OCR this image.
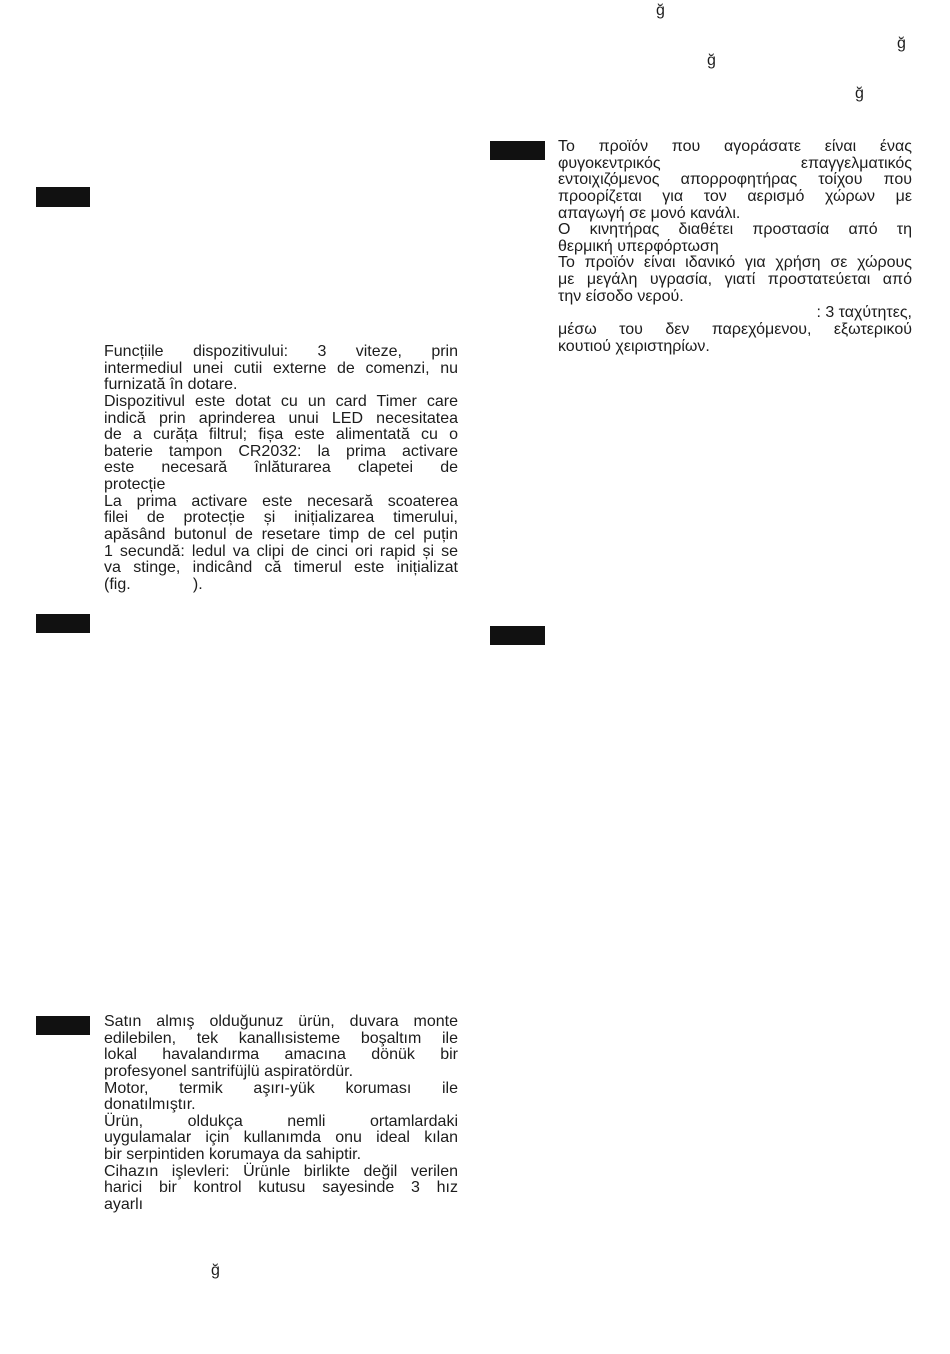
ğ
ğ
ğ
ğ
Funcțiile dispozitivului: 3 viteze, prin
intermediul unei cutii externe de comenzi, nu
furnizată în dotare.
Dispozitivul este dotat cu un card Timer care
indică prin aprinderea unui LED necesitatea
de a curăța filtrul; fișa este alimentată cu o
baterie tampon CR2032: la prima activare
este necesară înlăturarea clapetei de
protecție
La prima activare este necesară scoaterea
filei de protecție și inițializarea timerului,
apăsând butonul de resetare timp de cel puțin
1 secundă: ledul va clipi de cinci ori rapid și se
va stinge, indicând că timerul este inițializat
(fig.              ).
Το προϊόν που αγοράσατε είναι ένας
φυγοκεντρικός επαγγελματικός
εντοιχιζόμενος απορροφητήρας τοίχου που
προορίζεται για τον αερισμό χώρων με
απαγωγή σε μονό κανάλι.
Ο κινητήρας διαθέτει προστασία από τη
θερμική υπερφόρτωση
Το προϊόν είναι ιδανικό για χρήση σε χώρους
με μεγάλη υγρασία, γιατί προστατεύεται από
την είσοδο νερού.
: 3 ταχύτητες,
μέσω του δεν παρεχόμενου, εξωτερικού
κουτιού χειριστηρίων.
Satın almış olduğunuz ürün, duvara monte
edilebilen, tek kanallısisteme boşaltım ile
lokal havalandırma amacına dönük bir
profesyonel santrifüjlü aspiratördür.
Motor, termik aşırı-yük koruması ile
donatılmıştır.
Ürün, oldukça nemli ortamlardaki
uygulamalar için kullanımda onu ideal kılan
bir serpintiden korumaya da sahiptir.
Cihazın işlevleri: Ürünle birlikte değil verilen
harici bir kontrol kutusu sayesinde 3 hız
ayarlı
ğ
